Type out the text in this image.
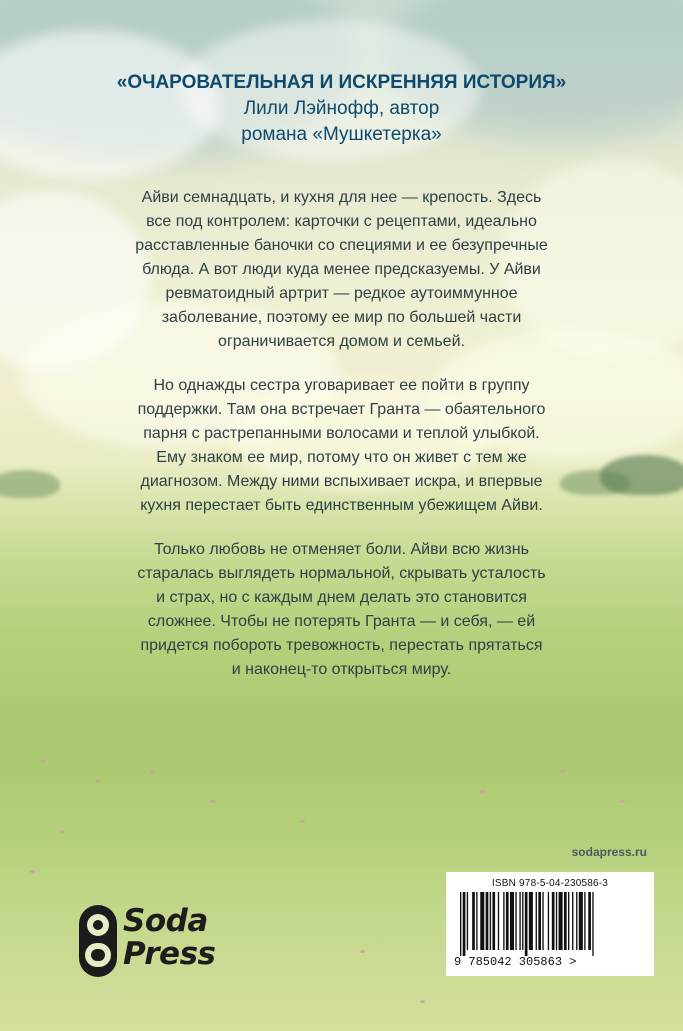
«ОЧАРОВАТЕЛЬНАЯ И ИСКРЕННЯЯ ИСТОРИЯ»
Лили Лэйнофф, автор
романа «Мушкетерка»

Айви семнадцать, и кухня для нее — крепость. Здесь

все под контролем: карточки с рецептами, идеально

расставленные баночки со специями и ее безупречные

блюда. А вот люди куда менее предсказуемы. У Айви

ревматоидный артрит — редкое аутоиммунное

заболевание, поэтому ее мир по большей части

ограничивается домом и семьей.

Но однажды сестра уговаривает ее пойти в группу

поддержки. Там она встречает Гранта — обаятельного

парня с растрепанными волосами и теплой улыбкой.

Ему знаком ее мир, потому что он живет с тем же

диагнозом. Между ними вспыхивает искра, и впервые

кухня перестает быть единственным убежищем Айви.

Только любовь не отменяет боли. Айви всю жизнь

старалась выглядеть нормальной, скрывать усталость

и страх, но с каждым днем делать это становится

сложнее. Чтобы не потерять Гранта — и себя, — ей

придется побороть тревожность, перестать прятаться

и наконец-то открыться миру.

sodapress.ru
ISBN 978-5-04-230586-3
9 785042 305863 >
Soda
Press
